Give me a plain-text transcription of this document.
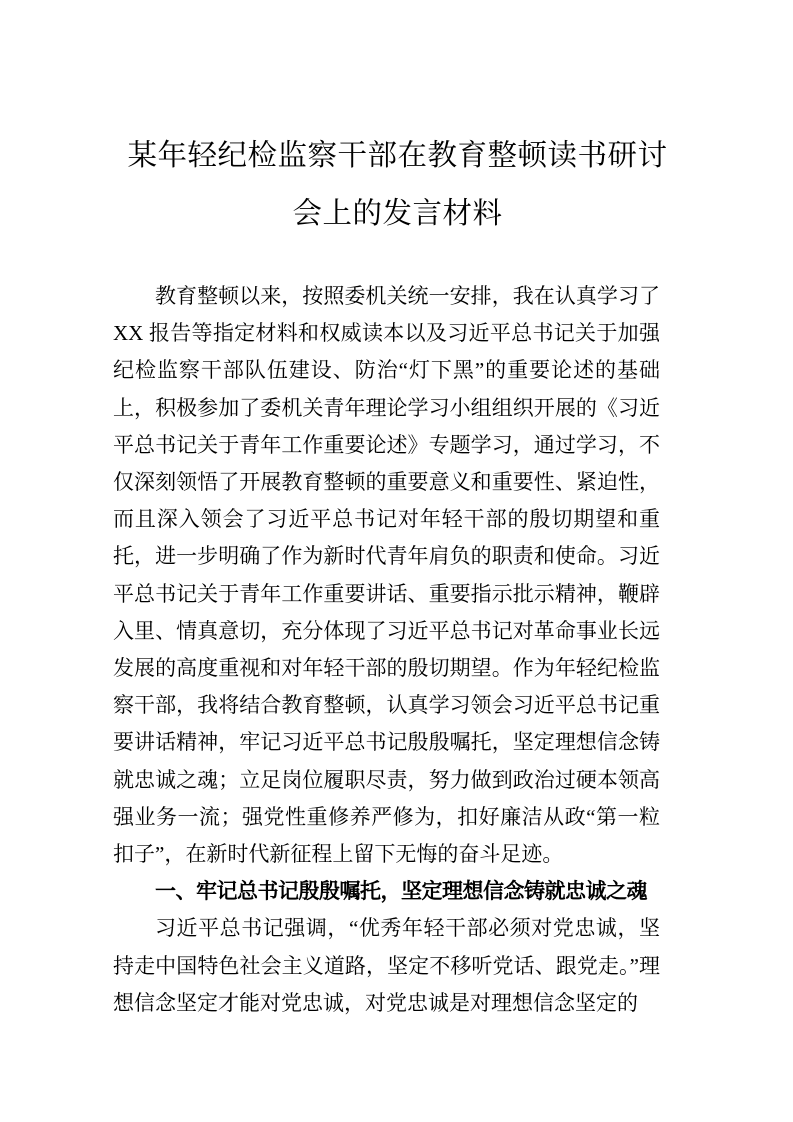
某年轻纪检监察干部在教育整顿读书研讨
会上的发言材料

教育整顿以来，按照委机关统一安排，我在认真学习了XX 报告等指定材料和权威读本以及习近平总书记关于加强纪检监察干部队伍建设、防治“灯下黑”的重要论述的基础上，积极参加了委机关青年理论学习小组组织开展的《习近平总书记关于青年工作重要论述》专题学习，通过学习，不仅深刻领悟了开展教育整顿的重要意义和重要性、紧迫性，而且深入领会了习近平总书记对年轻干部的殷切期望和重托，进一步明确了作为新时代青年肩负的职责和使命。习近平总书记关于青年工作重要讲话、重要指示批示精神，鞭辟入里、情真意切，充分体现了习近平总书记对革命事业长远发展的高度重视和对年轻干部的殷切期望。作为年轻纪检监察干部，我将结合教育整顿，认真学习领会习近平总书记重要讲话精神，牢记习近平总书记殷殷嘱托，坚定理想信念铸就忠诚之魂；立足岗位履职尽责，努力做到政治过硬本领高强业务一流；强党性重修养严修为，扣好廉洁从政“第一粒扣子”，在新时代新征程上留下无悔的奋斗足迹。

一、牢记总书记殷殷嘱托，坚定理想信念铸就忠诚之魂

习近平总书记强调，“优秀年轻干部必须对党忠诚，坚持走中国特色社会主义道路，坚定不移听党话、跟党走。”理想信念坚定才能对党忠诚，对党忠诚是对理想信念坚定的
